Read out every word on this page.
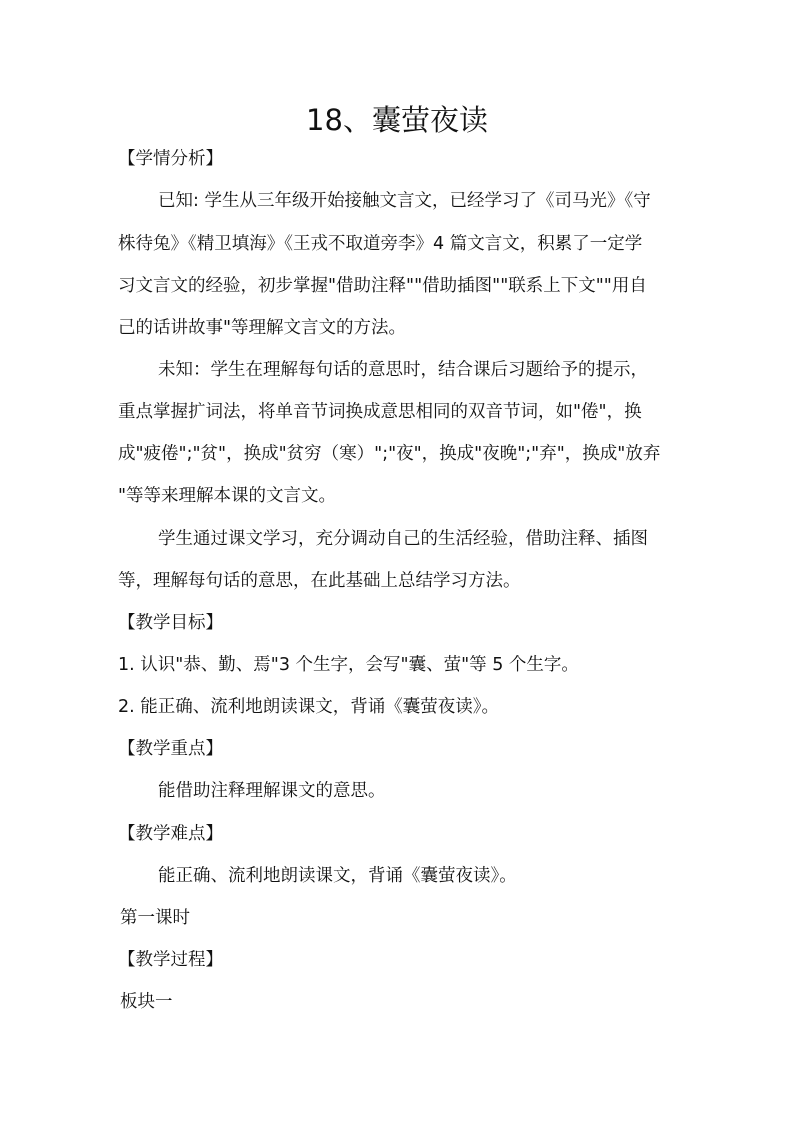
18、囊萤夜读
【学情分析】
已知: 学生从三年级开始接触文言文，已经学习了《司马光》《守
株待兔》《精卫填海》《王戎不取道旁李》4 篇文言文，积累了一定学
习文言文的经验，初步掌握"借助注释""借助插图""联系上下文""用自
己的话讲故事"等理解文言文的方法。
未知：学生在理解每句话的意思时，结合课后习题给予的提示，
重点掌握扩词法，将单音节词换成意思相同的双音节词，如"倦"，换
成"疲倦";"贫"，换成"贫穷（寒）";"夜"，换成"夜晚";"弃"，换成"放弃
"等等来理解本课的文言文。
学生通过课文学习，充分调动自己的生活经验，借助注释、插图
等，理解每句话的意思，在此基础上总结学习方法。
【教学目标】
1. 认识"恭、勤、焉"3 个生字，会写"囊、萤"等 5 个生字。
2. 能正确、流利地朗读课文，背诵《囊萤夜读》。
【教学重点】
能借助注释理解课文的意思。
【教学难点】
能正确、流利地朗读课文，背诵《囊萤夜读》。
第一课时
【教学过程】
板块一
